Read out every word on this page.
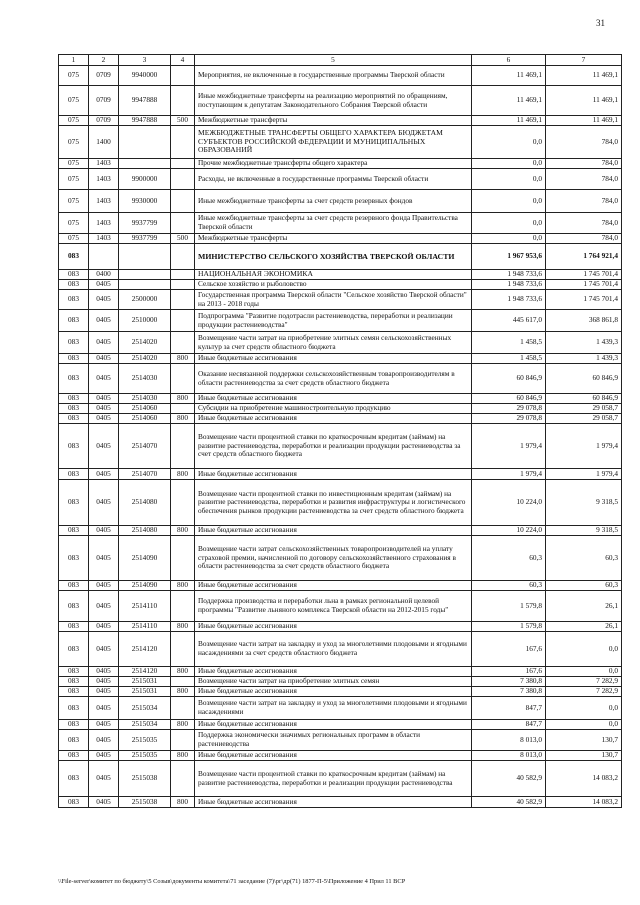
31
1	2	3	4	5	6	7
075	0709	9940000		Мероприятия, не включенные в государственные программы Тверской области	11 469,1	11 469,1
075	0709	9947888		Иные межбюджетные трансферты на реализацию мероприятий по обращениям, поступающим к депутатам Законодательного Собрания Тверской области	11 469,1	11 469,1
075	0709	9947888	500	Межбюджетные трансферты	11 469,1	11 469,1
075	1400			МЕЖБЮДЖЕТНЫЕ ТРАНСФЕРТЫ ОБЩЕГО ХАРАКТЕРА БЮДЖЕТАМ СУБЪЕКТОВ РОССИЙСКОЙ ФЕДЕРАЦИИ И МУНИЦИПАЛЬНЫХ ОБРАЗОВАНИЙ	0,0	784,0
075	1403			Прочие межбюджетные трансферты общего характера	0,0	784,0
075	1403	9900000		Расходы, не включенные в государственные программы Тверской области	0,0	784,0
075	1403	9930000		Иные межбюджетные трансферты за счет средств резервных фондов	0,0	784,0
075	1403	9937799		Иные межбюджетные трансферты за счет средств резервного фонда Правительства Тверской области	0,0	784,0
075	1403	9937799	500	Межбюджетные трансферты	0,0	784,0
083				МИНИСТЕРСТВО СЕЛЬСКОГО ХОЗЯЙСТВА ТВЕРСКОЙ ОБЛАСТИ	1 967 953,6	1 764 921,4
083	0400			НАЦИОНАЛЬНАЯ ЭКОНОМИКА	1 948 733,6	1 745 701,4
083	0405			Сельское хозяйство и рыболовство	1 948 733,6	1 745 701,4
083	0405	2500000		Государственная программа Тверской области "Сельское хозяйство Тверской области" на 2013 - 2018 годы	1 948 733,6	1 745 701,4
083	0405	2510000		Подпрограмма "Развитие подотрасли растениеводства, переработки и реализации продукции растениеводства"	445 617,0	368 861,8
083	0405	2514020		Возмещение части затрат на приобретение элитных семян сельскохозяйственных культур за счет средств областного бюджета	1 458,5	1 439,3
083	0405	2514020	800	Иные бюджетные ассигнования	1 458,5	1 439,3
083	0405	2514030		Оказание несвязанной поддержки сельскохозяйственным товаропроизводителям в области растениеводства за счет средств областного бюджета	60 846,9	60 846,9
083	0405	2514030	800	Иные бюджетные ассигнования	60 846,9	60 846,9
083	0405	2514060		Субсидии на приобретение машиностроительную продукцию	29 078,8	29 058,7
083	0405	2514060	800	Иные бюджетные ассигнования	29 078,8	29 058,7
083	0405	2514070		Возмещение части процентной ставки по краткосрочным кредитам (займам) на развитие растениеводства, переработки и реализации продукции растениеводства за счет средств областного бюджета	1 979,4	1 979,4
083	0405	2514070	800	Иные бюджетные ассигнования	1 979,4	1 979,4
083	0405	2514080		Возмещение части процентной ставки по инвестиционным кредитам (займам) на развитие растениеводства, переработки и развития инфраструктуры и логистического обеспечения рынков продукции растениеводства за счет средств областного бюджета	10 224,0	9 318,5
083	0405	2514080	800	Иные бюджетные ассигнования	10 224,0	9 318,5
083	0405	2514090		Возмещение части затрат сельскохозяйственных товаропроизводителей на уплату страховой премии, начисленной по договору сельскохозяйственного страхования в области растениеводства за счет средств областного бюджета	60,3	60,3
083	0405	2514090	800	Иные бюджетные ассигнования	60,3	60,3
083	0405	2514110		Поддержка производства и переработки льна в рамках региональной целевой программы "Развитие льняного комплекса Тверской области на 2012-2015 годы"	1 579,8	26,1
083	0405	2514110	800	Иные бюджетные ассигнования	1 579,8	26,1
083	0405	2514120		Возмещение части затрат на закладку и уход за многолетними плодовыми и ягодными насаждениями за счет средств областного бюджета	167,6	0,0
083	0405	2514120	800	Иные бюджетные ассигнования	167,6	0,0
083	0405	2515031		Возмещение части затрат на приобретение элитных семян	7 380,8	7 282,9
083	0405	2515031	800	Иные бюджетные ассигнования	7 380,8	7 282,9
083	0405	2515034		Возмещение части затрат на закладку и уход за многолетними плодовыми и ягодными насаждениями	847,7	0,0
083	0405	2515034	800	Иные бюджетные ассигнования	847,7	0,0
083	0405	2515035		Поддержка экономически значимых региональных программ в области растениеводства	8 013,0	130,7
083	0405	2515035	800	Иные бюджетные ассигнования	8 013,0	130,7
083	0405	2515038		Возмещение части процентной ставки по краткосрочным кредитам (займам) на развитие растениеводства, переработки и реализации продукции растениеводства	40 582,9	14 083,2
083	0405	2515038	800	Иные бюджетные ассигнования	40 582,9	14 083,2
\\File-server\комитет по бюджету\5 Созыв\документы комитета\71 заседание (7)\рг\др(71) 1877-П-5\Приложение 4 Прил 11 ВСР
